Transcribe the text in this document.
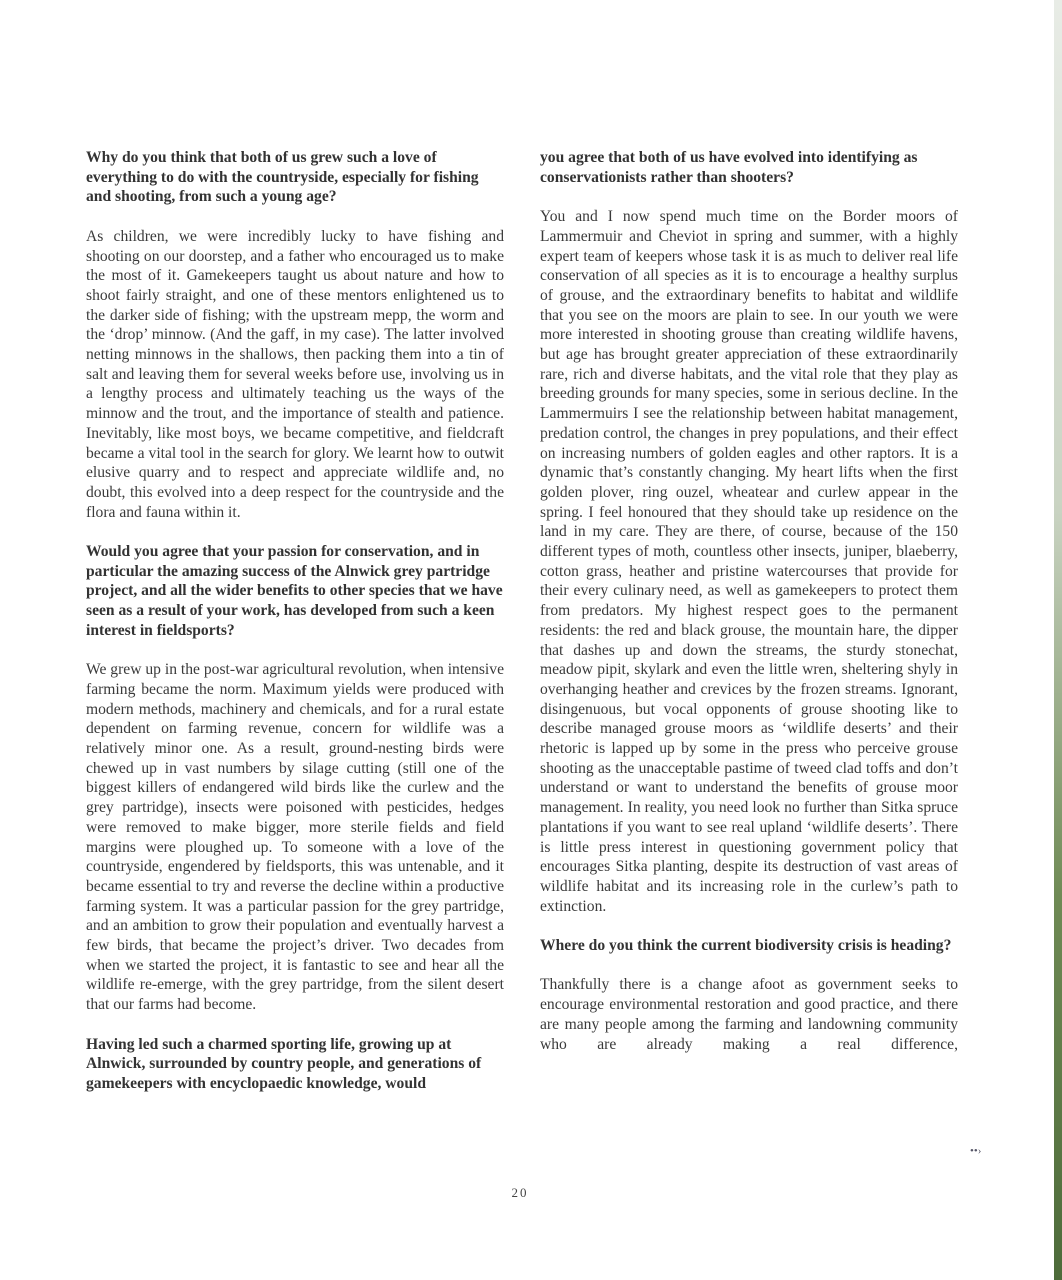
Why do you think that both of us grew such a love of everything to do with the countryside, especially for fishing and shooting, from such a young age?

As children, we were incredibly lucky to have fishing and shooting on our doorstep, and a father who encouraged us to make the most of it. Gamekeepers taught us about nature and how to shoot fairly straight, and one of these mentors enlightened us to the darker side of fishing; with the upstream mepp, the worm and the ‘drop’ minnow. (And the gaff, in my case). The latter involved netting minnows in the shallows, then packing them into a tin of salt and leaving them for several weeks before use, involving us in a lengthy process and ultimately teaching us the ways of the minnow and the trout, and the importance of stealth and patience. Inevitably, like most boys, we became competitive, and fieldcraft became a vital tool in the search for glory. We learnt how to outwit elusive quarry and to respect and appreciate wildlife and, no doubt, this evolved into a deep respect for the countryside and the flora and fauna within it.

Would you agree that your passion for conservation, and in particular the amazing success of the Alnwick grey partridge project, and all the wider benefits to other species that we have seen as a result of your work, has developed from such a keen interest in fieldsports?

We grew up in the post-war agricultural revolution, when intensive farming became the norm. Maximum yields were produced with modern methods, machinery and chemicals, and for a rural estate dependent on farming revenue, concern for wildlife was a relatively minor one. As a result, ground-nesting birds were chewed up in vast numbers by silage cutting (still one of the biggest killers of endangered wild birds like the curlew and the grey partridge), insects were poisoned with pesticides, hedges were removed to make bigger, more sterile fields and field margins were ploughed up. To someone with a love of the countryside, engendered by fieldsports, this was untenable, and it became essential to try and reverse the decline within a productive farming system. It was a particular passion for the grey partridge, and an ambition to grow their population and eventually harvest a few birds, that became the project’s driver. Two decades from when we started the project, it is fantastic to see and hear all the wildlife re-emerge, with the grey partridge, from the silent desert that our farms had become.

Having led such a charmed sporting life, growing up at Alnwick, surrounded by country people, and generations of gamekeepers with encyclopaedic knowledge, would

you agree that both of us have evolved into identifying as conservationists rather than shooters?

You and I now spend much time on the Border moors of Lammermuir and Cheviot in spring and summer, with a highly expert team of keepers whose task it is as much to deliver real life conservation of all species as it is to encourage a healthy surplus of grouse, and the extraordinary benefits to habitat and wildlife that you see on the moors are plain to see. In our youth we were more interested in shooting grouse than creating wildlife havens, but age has brought greater appreciation of these extraordinarily rare, rich and diverse habitats, and the vital role that they play as breeding grounds for many species, some in serious decline. In the Lammermuirs I see the relationship between habitat management, predation control, the changes in prey populations, and their effect on increasing numbers of golden eagles and other raptors. It is a dynamic that’s constantly changing. My heart lifts when the first golden plover, ring ouzel, wheatear and curlew appear in the spring. I feel honoured that they should take up residence on the land in my care. They are there, of course, because of the 150 different types of moth, countless other insects, juniper, blaeberry, cotton grass, heather and pristine watercourses that provide for their every culinary need, as well as gamekeepers to protect them from predators. My highest respect goes to the permanent residents: the red and black grouse, the mountain hare, the dipper that dashes up and down the streams, the sturdy stonechat, meadow pipit, skylark and even the little wren, sheltering shyly in overhanging heather and crevices by the frozen streams. Ignorant, disingenuous, but vocal opponents of grouse shooting like to describe managed grouse moors as ‘wildlife deserts’ and their rhetoric is lapped up by some in the press who perceive grouse shooting as the unacceptable pastime of tweed clad toffs and don’t understand or want to understand the benefits of grouse moor management. In reality, you need look no further than Sitka spruce plantations if you want to see real upland ‘wildlife deserts’. There is little press interest in questioning government policy that encourages Sitka planting, despite its destruction of vast areas of wildlife habitat and its increasing role in the curlew’s path to extinction.

Where do you think the current biodiversity crisis is heading?

Thankfully there is a change afoot as government seeks to encourage environmental restoration and good practice, and there are many people among the farming and landowning community who are already making a real difference,

••›
20
